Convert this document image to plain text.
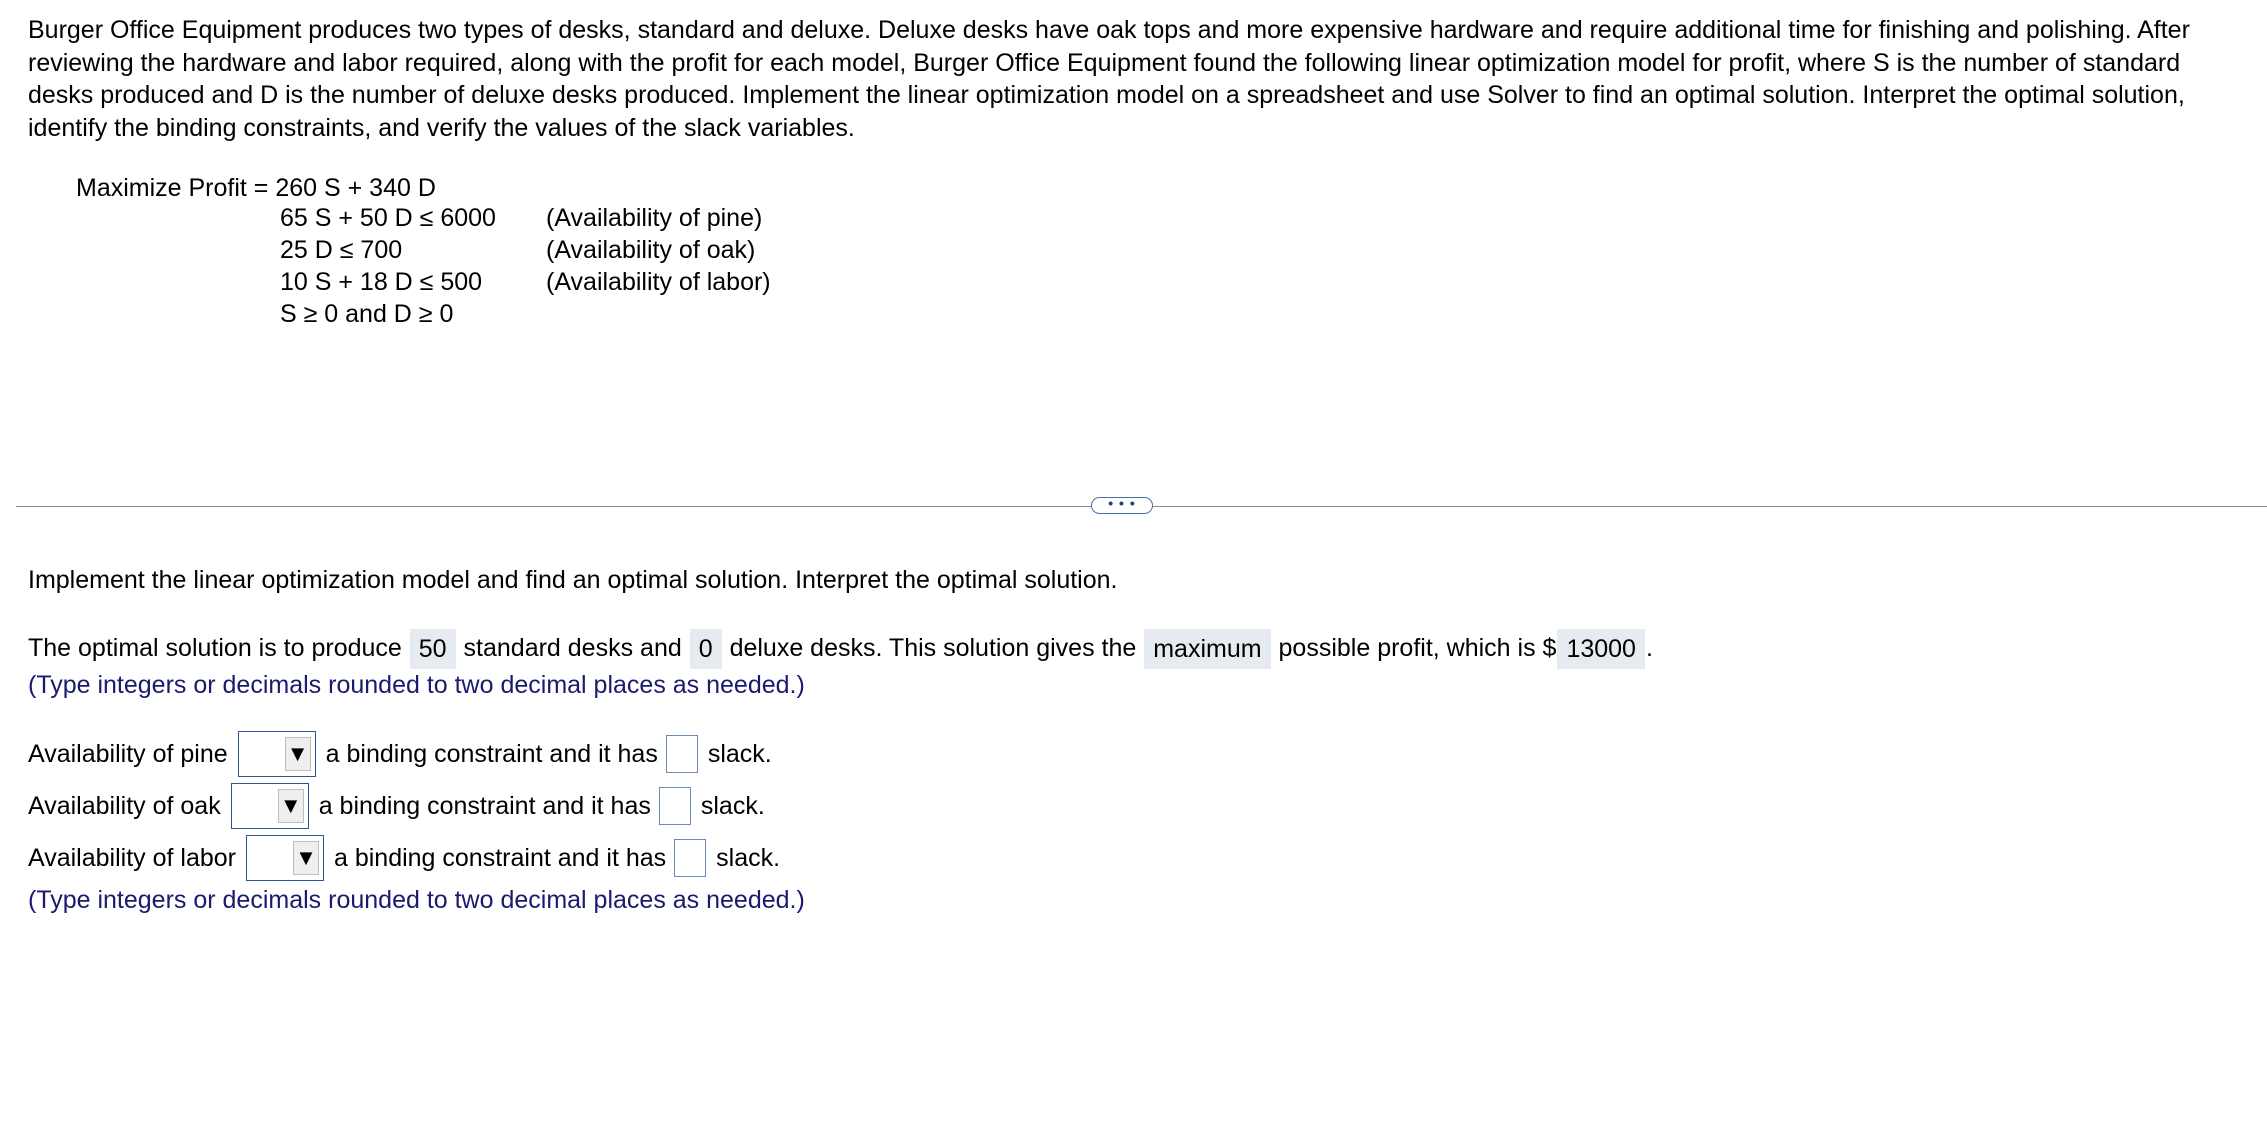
Burger Office Equipment produces two types of desks, standard and deluxe. Deluxe desks have oak tops and more expensive hardware and require additional time for finishing and polishing. After reviewing the hardware and labor required, along with the profit for each model, Burger Office Equipment found the following linear optimization model for profit, where S is the number of standard desks produced and D is the number of deluxe desks produced. Implement the linear optimization model on a spreadsheet and use Solver to find an optimal solution. Interpret the optimal solution, identify the binding constraints, and verify the values of the slack variables.
Maximize Profit = 260 S + 340 D
65 S + 50 D ≤ 6000 (Availability of pine)
25 D ≤ 700	(Availability of oak)
10 S + 18 D ≤ 500	(Availability of labor)
S ≥ 0 and D ≥ 0
• • •
Implement the linear optimization model and find an optimal solution. Interpret the optimal solution.
The optimal solution is to produce 50 standard desks and 0 deluxe desks. This solution gives the maximum possible profit, which is $ 13000 .
(Type integers or decimals rounded to two decimal places as needed.)
Availability of pine	▼ a binding constraint and it has slack.
Availability of oak	▼ a binding constraint and it has slack.
Availability of labor	▼ a binding constraint and it has slack.
(Type integers or decimals rounded to two decimal places as needed.)
